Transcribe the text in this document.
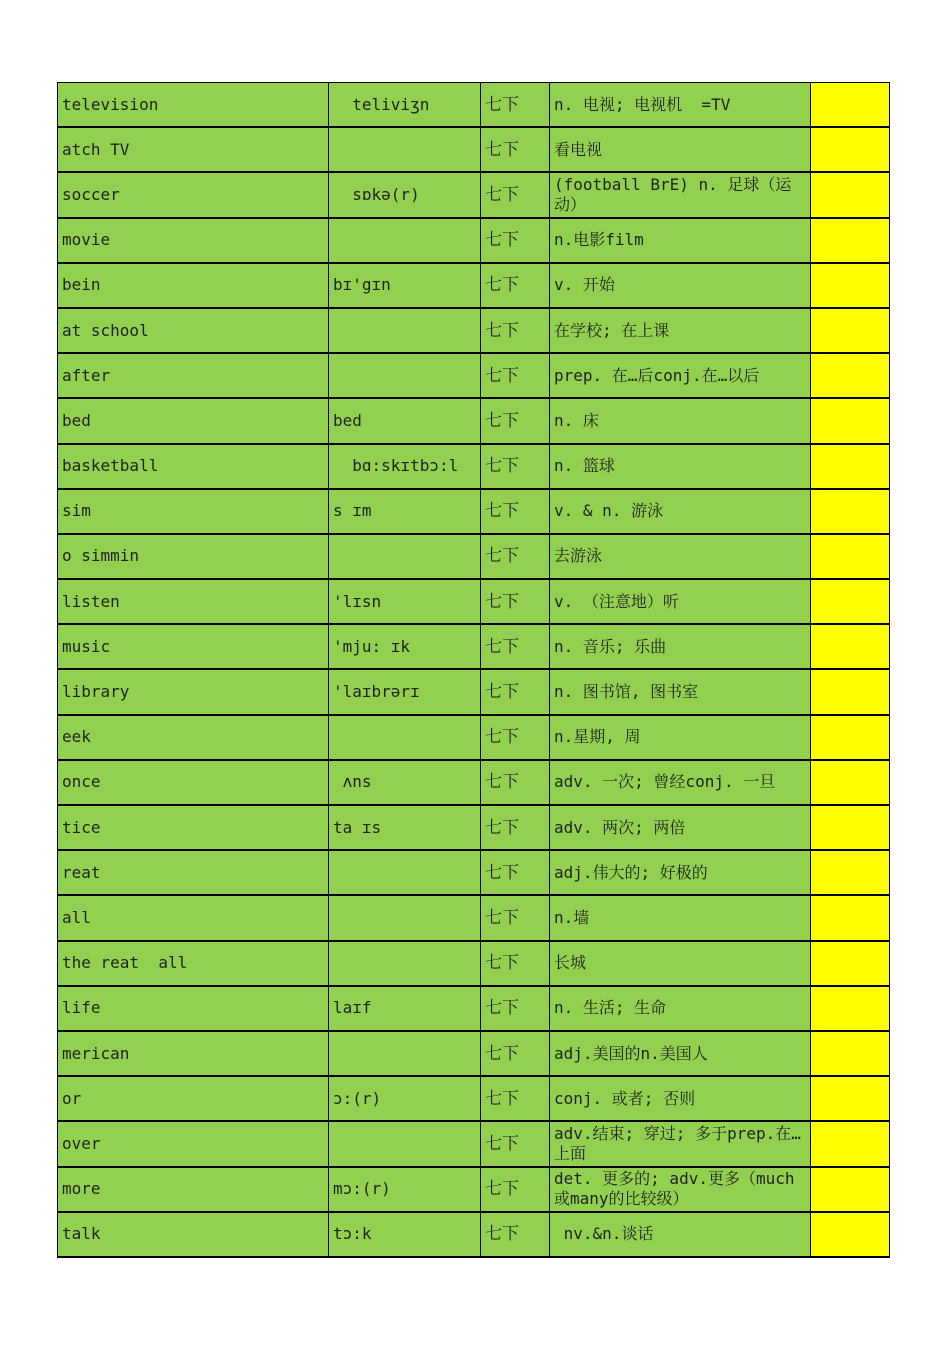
television	teliviʒn	七下	n. 电视; 电视机  =TV	
atch TV		七下	看电视	
soccer	sɒkə(r)	七下	(football BrE) n. 足球（运动）	
movie		七下	n.电影film	
bein	bɪ'gɪn	七下	v. 开始	
at school		七下	在学校; 在上课	
after		七下	prep. 在…后conj.在…以后	
bed	bed	七下	n. 床	
basketball	bɑ:skɪtbɔ:l	七下	n. 篮球	
sim	s ɪm	七下	v. & n. 游泳	
o simmin		七下	去游泳	
listen	'lɪsn	七下	v. （注意地）听	
music	'mju: ɪk	七下	n. 音乐; 乐曲	
library	'laɪbrərɪ	七下	n. 图书馆, 图书室	
eek		七下	n.星期, 周	
once	ʌns	七下	adv. 一次; 曾经conj. 一旦	
tice	ta ɪs	七下	adv. 两次; 两倍	
reat		七下	adj.伟大的; 好极的	
all		七下	n.墙	
the reat  all		七下	长城	
life	laɪf	七下	n. 生活; 生命	
merican		七下	adj.美国的n.美国人	
or	ɔ:(r)	七下	conj. 或者; 否则	
over		七下	adv.结束; 穿过; 多于prep.在…上面	
more	mɔ:(r)	七下	det. 更多的; adv.更多（much或many的比较级）	
talk	tɔ:k	七下	nv.&n.谈话	
